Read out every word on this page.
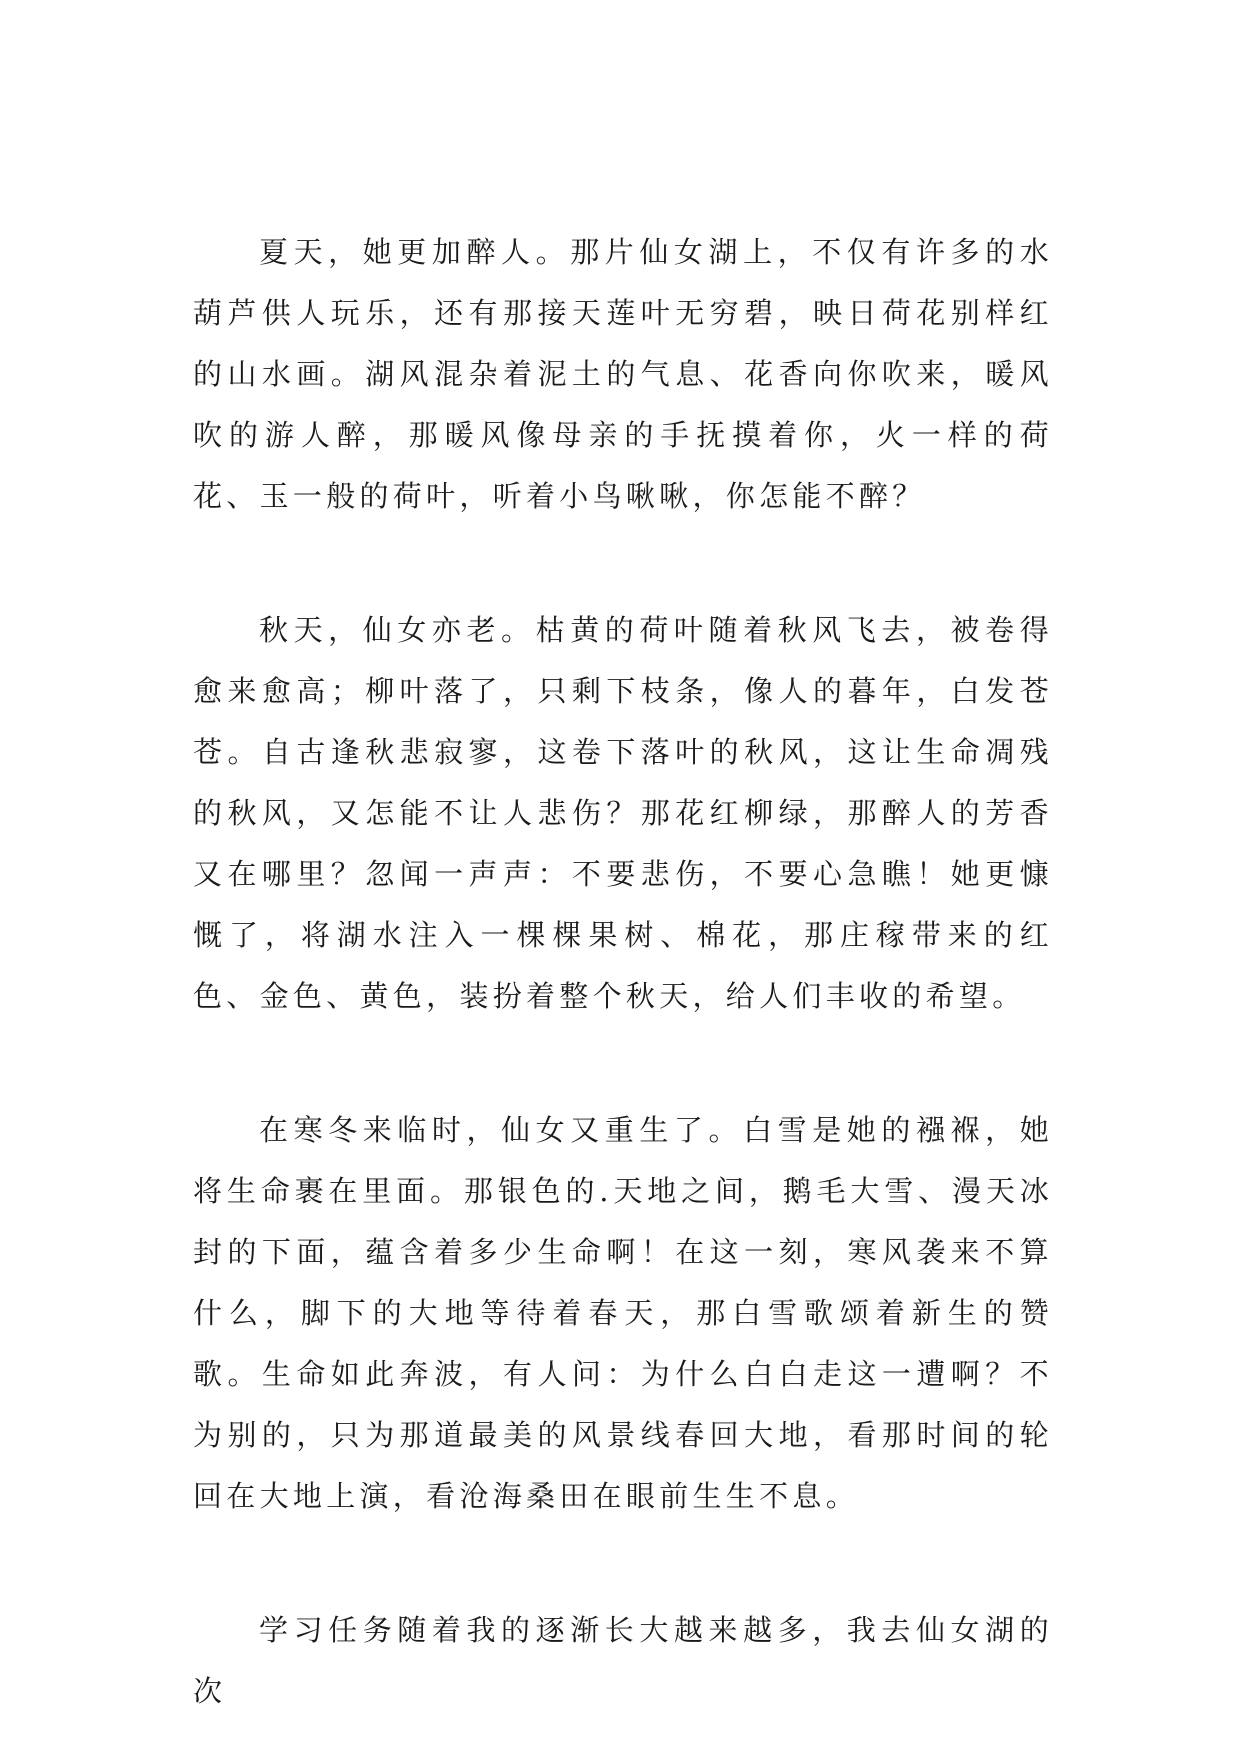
夏天，她更加醉人。那片仙女湖上，不仅有许多的水葫芦供人玩乐，还有那接天莲叶无穷碧，映日荷花别样红的山水画。湖风混杂着泥土的气息、花香向你吹来，暖风吹的游人醉，那暖风像母亲的手抚摸着你，火一样的荷花、玉一般的荷叶，听着小鸟啾啾，你怎能不醉？

秋天，仙女亦老。枯黄的荷叶随着秋风飞去，被卷得愈来愈高；柳叶落了，只剩下枝条，像人的暮年，白发苍苍。自古逢秋悲寂寥，这卷下落叶的秋风，这让生命凋残的秋风，又怎能不让人悲伤？那花红柳绿，那醉人的芳香又在哪里？忽闻一声声：不要悲伤，不要心急瞧！她更慷慨了，将湖水注入一棵棵果树、棉花，那庄稼带来的红色、金色、黄色，装扮着整个秋天，给人们丰收的希望。

在寒冬来临时，仙女又重生了。白雪是她的襁褓，她将生命裹在里面。那银色的.天地之间，鹅毛大雪、漫天冰封的下面，蕴含着多少生命啊！在这一刻，寒风袭来不算什么，脚下的大地等待着春天，那白雪歌颂着新生的赞歌。生命如此奔波，有人问：为什么白白走这一遭啊？不为别的，只为那道最美的风景线春回大地，看那时间的轮回在大地上演，看沧海桑田在眼前生生不息。

学习任务随着我的逐渐长大越来越多，我去仙女湖的次
